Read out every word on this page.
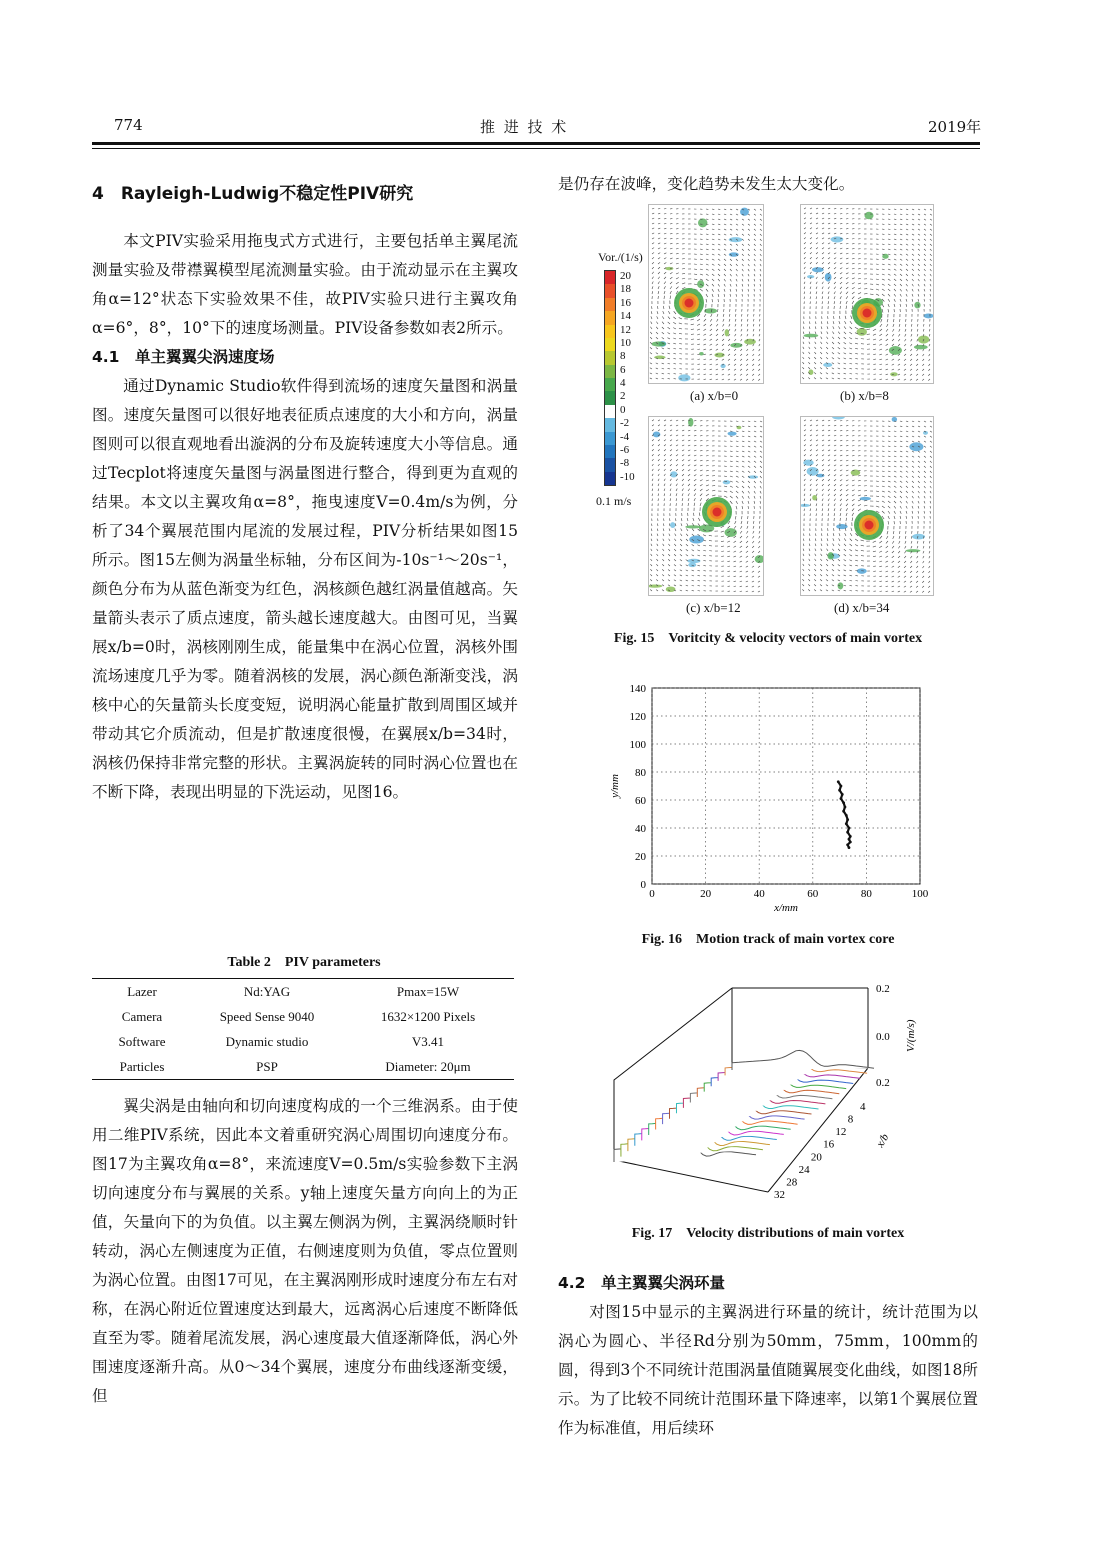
774	推 进 技 术	2019年
4　Rayleigh-Ludwig不稳定性PIV研究

本文PIV实验采用拖曳式方式进行，主要包括单主翼尾流测量实验及带襟翼模型尾流测量实验。由于流动显示在主翼攻角α=12°状态下实验效果不佳，故PIV实验只进行主翼攻角α=6°，8°，10°下的速度场测量。PIV设备参数如表2所示。

4.1　单主翼翼尖涡速度场

通过Dynamic Studio软件得到流场的速度矢量图和涡量图。速度矢量图可以很好地表征质点速度的大小和方向，涡量图则可以很直观地看出漩涡的分布及旋转速度大小等信息。通过Tecplot将速度矢量图与涡量图进行整合，得到更为直观的结果。本文以主翼攻角α=8°，拖曳速度V=0.4m/s为例，分析了34个翼展范围内尾流的发展过程，PIV分析结果如图15所示。图15左侧为涡量坐标轴，分布区间为-10s⁻¹～20s⁻¹，颜色分布为从蓝色渐变为红色，涡核颜色越红涡量值越高。矢量箭头表示了质点速度，箭头越长速度越大。由图可见，当翼展x/b=0时，涡核刚刚生成，能量集中在涡心位置，涡核外围流场速度几乎为零。随着涡核的发展，涡心颜色渐渐变浅，涡核中心的矢量箭头长度变短，说明涡心能量扩散到周围区域并带动其它介质流动，但是扩散速度很慢，在翼展x/b=34时，涡核仍保持非常完整的形状。主翼涡旋转的同时涡心位置也在不断下降，表现出明显的下洗运动，见图16。

Table 2　PIV parameters
Lazer	Nd:YAG	Pmax=15W
Camera	Speed Sense 9040	1632×1200 Pixels
Software	Dynamic studio	V3.41
Particles	PSP	Diameter: 20μm

翼尖涡是由轴向和切向速度构成的一个三维涡系。由于使用二维PIV系统，因此本文着重研究涡心周围切向速度分布。图17为主翼攻角α=8°，来流速度V=0.5m/s实验参数下主涡切向速度分布与翼展的关系。y轴上速度矢量方向向上的为正值，矢量向下的为负值。以主翼左侧涡为例，主翼涡绕顺时针转动，涡心左侧速度为正值，右侧速度则为负值，零点位置则为涡心位置。由图17可见，在主翼涡刚形成时速度分布左右对称，在涡心附近位置速度达到最大，远离涡心后速度不断降低直至为零。随着尾流发展，涡心速度最大值逐渐降低，涡心外围速度逐渐升高。从0～34个翼展，速度分布曲线逐渐变缓，但

是仍存在波峰，变化趋势未发生太大变化。
(a) x/b=0	(b) x/b=8
(c) x/b=12	(d) x/b=34
Vor./(1/s)
20
18
16
14
12
10
8
6
4
2
0
-2
-4
-6
-8
-10
0.1 m/s
Fig. 15　Voritcity & velocity vectors of main vortex
0	20	40	60	80	100
0
20
40
60
80
100
120
140
x/mm
y/mm
Fig. 16　Motion track of main vortex core
0.2
0.0
0.2
4
8
12
16
20
24
28
32
V/(m/s)
x/b
Fig. 17　Velocity distributions of main vortex
4.2　单主翼翼尖涡环量

对图15中显示的主翼涡进行环量的统计，统计范围为以涡心为圆心、半径Rd分别为50mm，75mm，100mm的圆，得到3个不同统计范围涡量值随翼展变化曲线，如图18所示。为了比较不同统计范围环量下降速率，以第1个翼展位置作为标准值，用后续环
